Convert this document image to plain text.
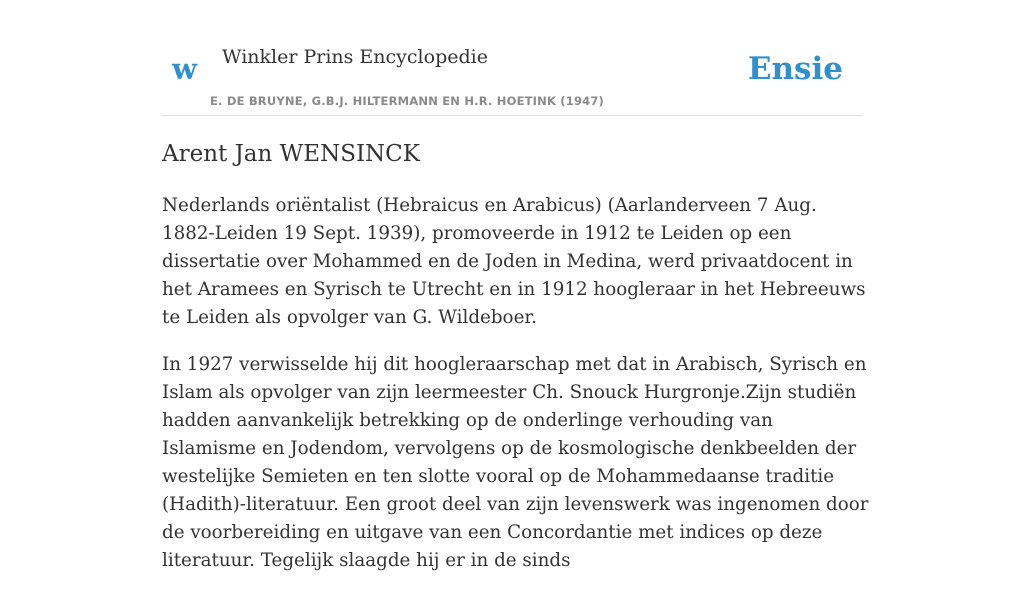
w Winkler Prins Encyclopedie
E. DE BRUYNE, G.B.J. HILTERMANN EN H.R. HOETINK (1947)
Ensie
Arent Jan WENSINCK

Nederlands oriëntalist (Hebraicus en Arabicus) (Aarlanderveen 7 Aug. 1882-Leiden 19 Sept. 1939), promoveerde in 1912 te Leiden op een dissertatie over Mohammed en de Joden in Medina, werd privaatdocent in het Aramees en Syrisch te Utrecht en in 1912 hoogleraar in het Hebreeuws te Leiden als opvolger van G. Wildeboer.

In 1927 verwisselde hij dit hoogleraarschap met dat in Arabisch, Syrisch en Islam als opvolger van zijn leermeester Ch. Snouck Hurgronje.Zijn studiën hadden aanvankelijk betrekking op de onderlinge verhouding van Islamisme en Jodendom, vervolgens op de kosmologische denkbeelden der westelijke Semieten en ten slotte vooral op de Mohammedaanse traditie (Hadith)-literatuur. Een groot deel van zijn levenswerk was ingenomen door de voorbereiding en uitgave van een Concordantie met indices op deze literatuur. Tegelijk slaagde hij er in de sinds
